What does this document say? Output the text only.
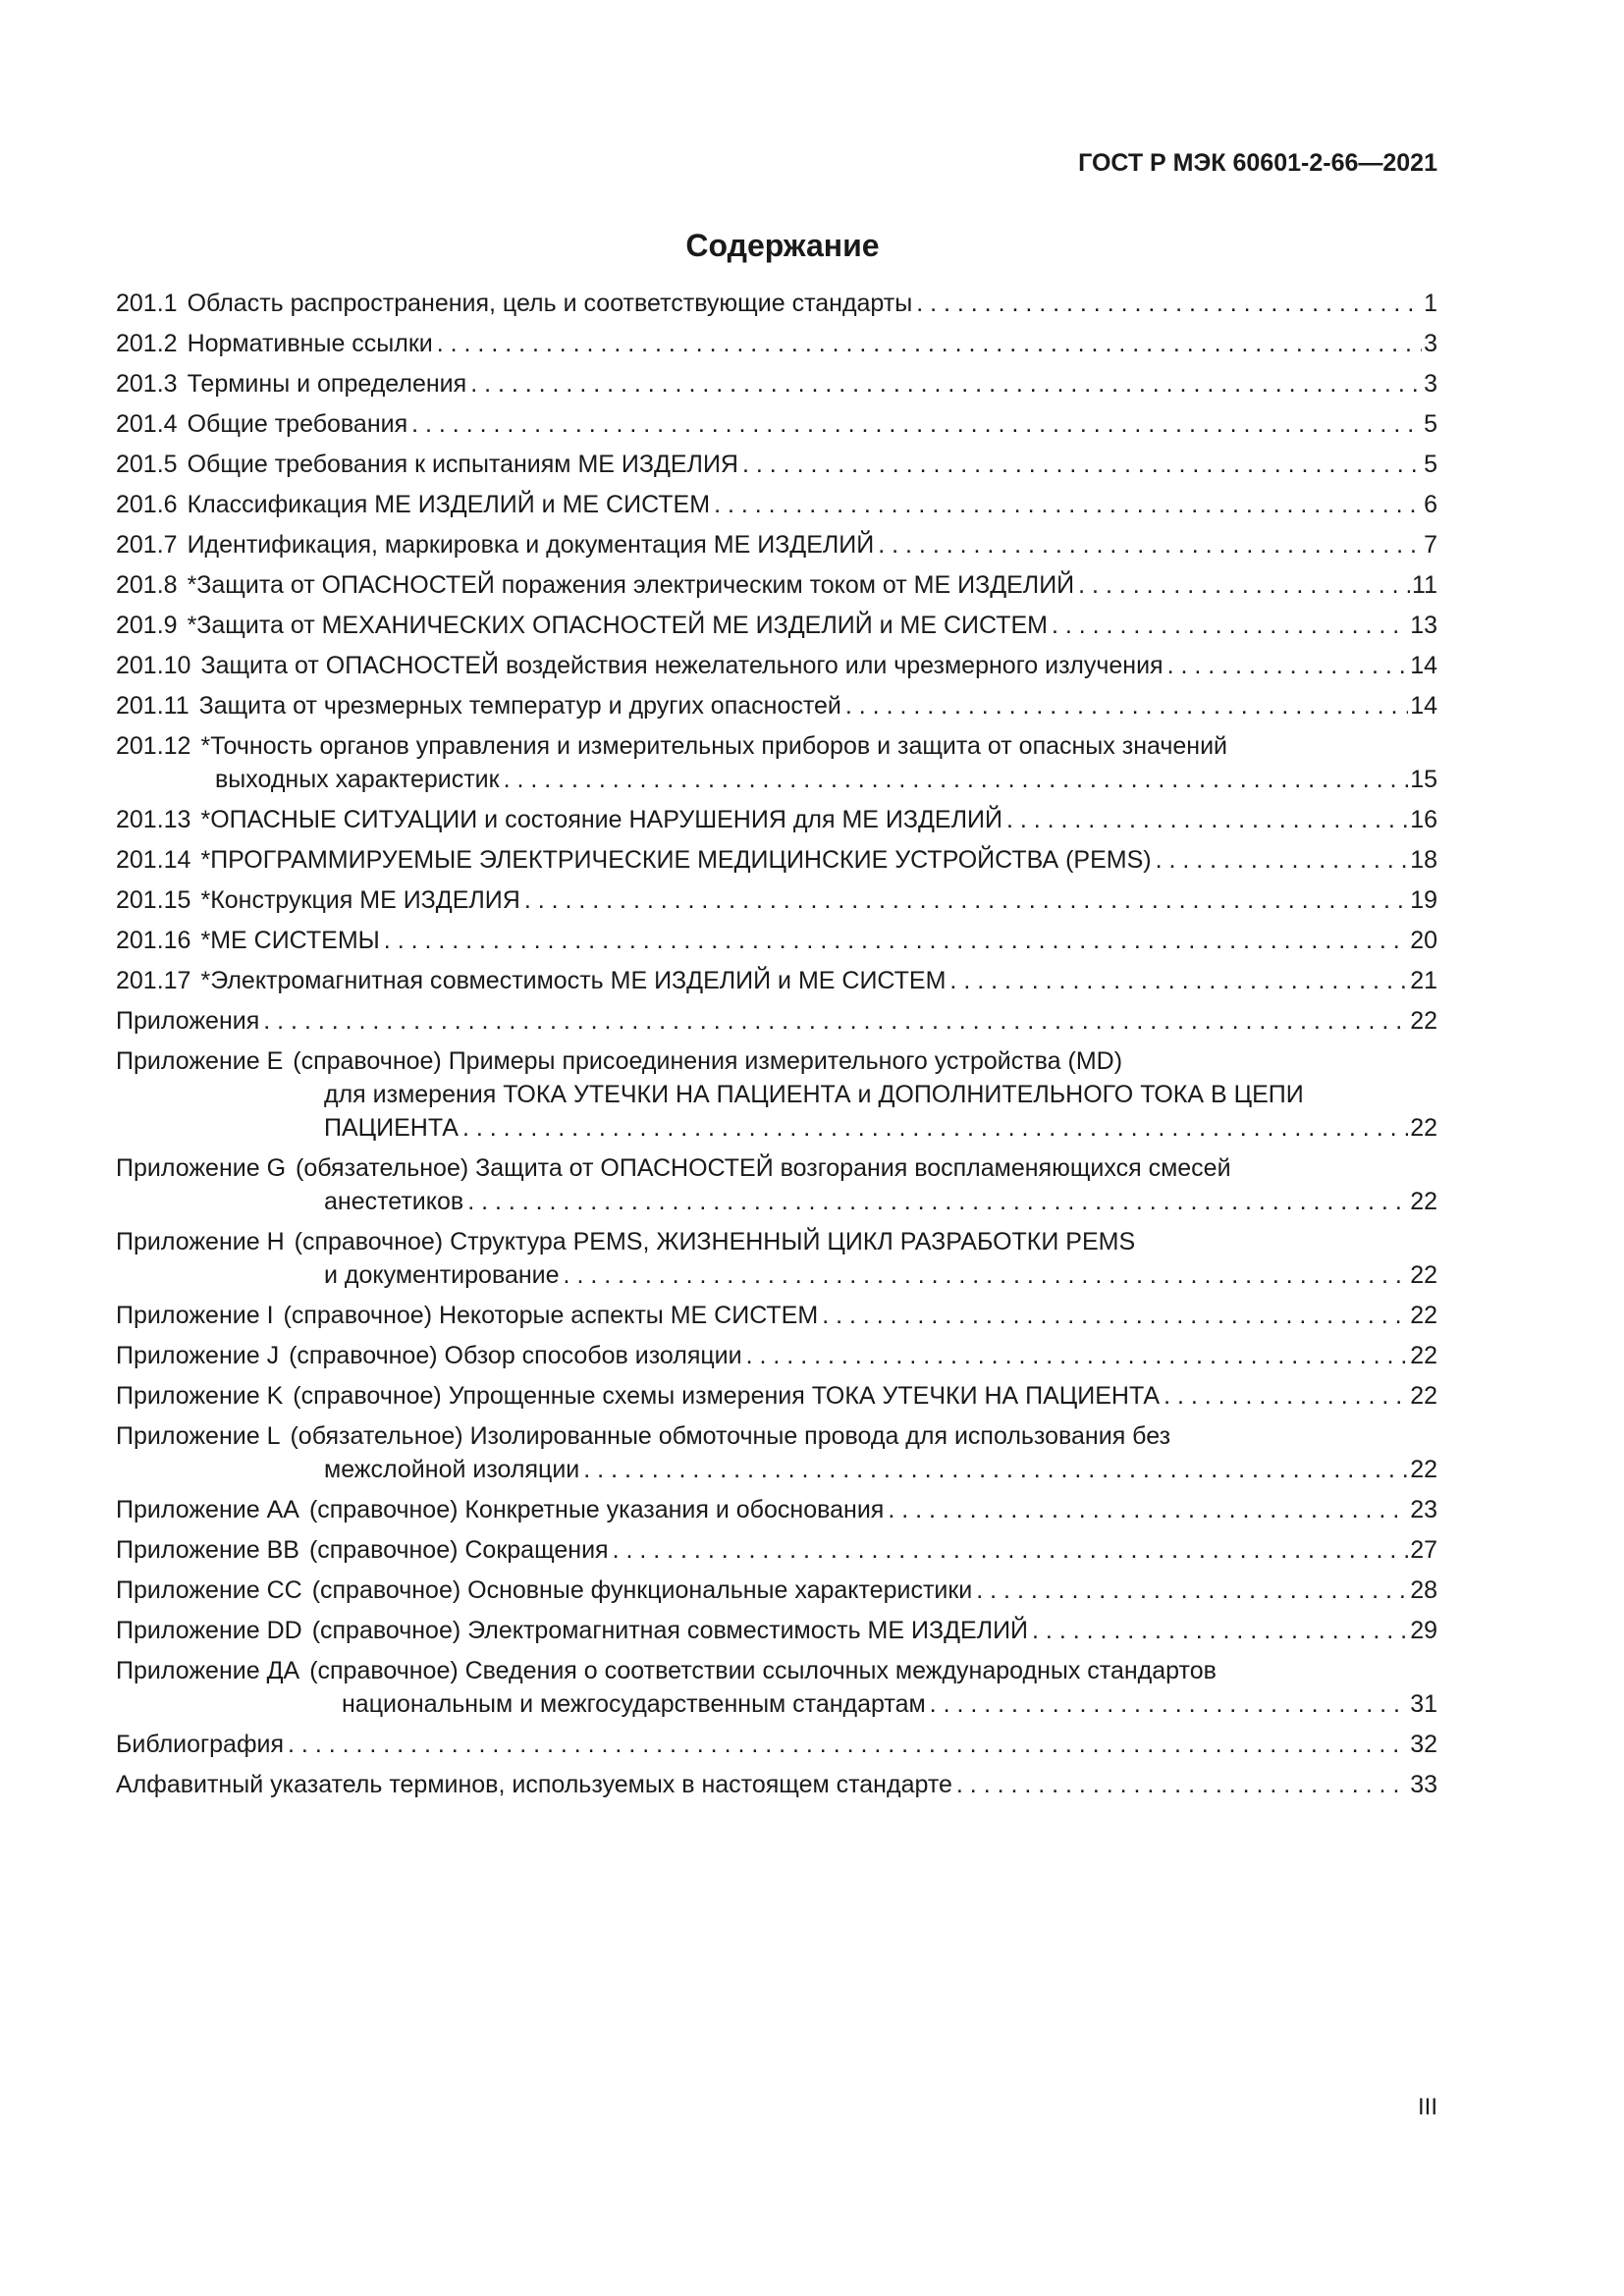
ГОСТ Р МЭК 60601-2-66—2021
Содержание
201.1 Область распространения, цель и соответствующие стандарты . . .	1
201.2 Нормативные ссылки . . .	3
201.3 Термины и определения . . .	3
201.4 Общие требования . . .	5
201.5 Общие требования к испытаниям МЕ ИЗДЕЛИЯ . . .	5
201.6 Классификация МЕ ИЗДЕЛИЙ и МЕ СИСТЕМ . . .	6
201.7 Идентификация, маркировка и документация МЕ ИЗДЕЛИЙ . . .	7
201.8 *Защита от ОПАСНОСТЕЙ поражения электрическим током от МЕ ИЗДЕЛИЙ . . .	11
201.9 *Защита от МЕХАНИЧЕСКИХ ОПАСНОСТЕЙ МЕ ИЗДЕЛИЙ и МЕ СИСТЕМ . . .	13
201.10 Защита от ОПАСНОСТЕЙ воздействия нежелательного или чрезмерного излучения . . .	14
201.11 Защита от чрезмерных температур и других опасностей . . .	14
201.12 *Точность органов управления и измерительных приборов и защита от опасных значений
выходных характеристик . . .	15
201.13 *ОПАСНЫЕ СИТУАЦИИ и состояние НАРУШЕНИЯ для МЕ ИЗДЕЛИЙ . . .	16
201.14 *ПРОГРАММИРУЕМЫЕ ЭЛЕКТРИЧЕСКИЕ МЕДИЦИНСКИЕ УСТРОЙСТВА (PEMS) . . .	18
201.15 *Конструкция МЕ ИЗДЕЛИЯ . . .	19
201.16 *МЕ СИСТЕМЫ . . .	20
201.17 *Электромагнитная совместимость МЕ ИЗДЕЛИЙ и МЕ СИСТЕМ . . .	21
Приложения . . .	22
Приложение E (справочное) Примеры присоединения измерительного устройства (MD)
для измерения ТОКА УТЕЧКИ НА ПАЦИЕНТА и ДОПОЛНИТЕЛЬНОГО ТОКА В ЦЕПИ
ПАЦИЕНТА . . .	22
Приложение G (обязательное) Защита от ОПАСНОСТЕЙ возгорания воспламеняющихся смесей
анестетиков . . .	22
Приложение H (справочное) Структура PEMS, ЖИЗНЕННЫЙ ЦИКЛ РАЗРАБОТКИ PEMS
и документирование . . .	22
Приложение I (справочное) Некоторые аспекты МЕ СИСТЕМ . . .	22
Приложение J (справочное) Обзор способов изоляции . . .	22
Приложение K (справочное) Упрощенные схемы измерения ТОКА УТЕЧКИ НА ПАЦИЕНТА . . .	22
Приложение L (обязательное) Изолированные обмоточные провода для использования без
межслойной изоляции . . .	22
Приложение AA (справочное) Конкретные указания и обоснования . . .	23
Приложение BB (справочное) Сокращения . . .	27
Приложение CC (справочное) Основные функциональные характеристики . . .	28
Приложение DD (справочное) Электромагнитная совместимость МЕ ИЗДЕЛИЙ . . .	29
Приложение ДА (справочное) Сведения о соответствии ссылочных международных стандартов
национальным и межгосударственным стандартам . . .	31
Библиография . . .	32
Алфавитный указатель терминов, используемых в настоящем стандарте . . .	33
III
